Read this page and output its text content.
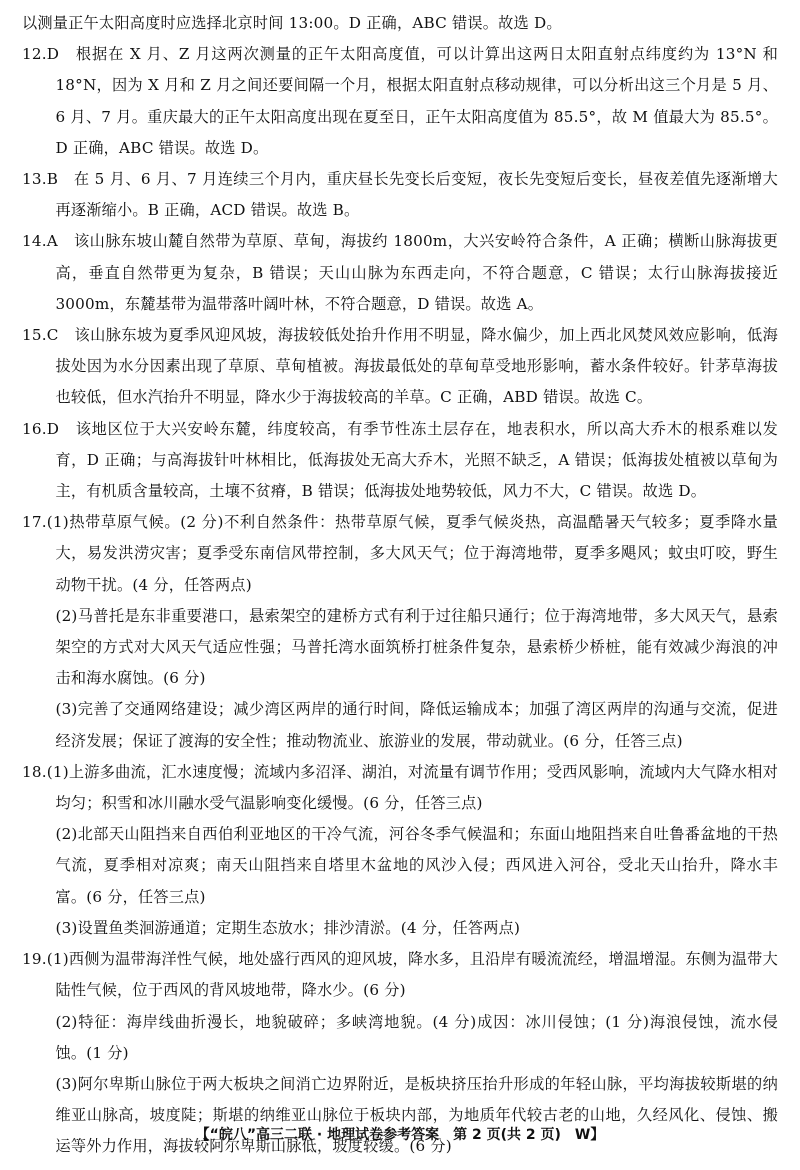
以测量正午太阳高度时应选择北京时间 13:00。D 正确，ABC 错误。故选 D。

12.D　根据在 X 月、Z 月这两次测量的正午太阳高度值，可以计算出这两日太阳直射点纬度约为 13°N 和 18°N，因为 X 月和 Z 月之间还要间隔一个月，根据太阳直射点移动规律，可以分析出这三个月是 5 月、6 月、7 月。重庆最大的正午太阳高度出现在夏至日，正午太阳高度值为 85.5°，故 M 值最大为 85.5°。D 正确，ABC 错误。故选 D。

13.B　在 5 月、6 月、7 月连续三个月内，重庆昼长先变长后变短，夜长先变短后变长，昼夜差值先逐渐增大再逐渐缩小。B 正确，ACD 错误。故选 B。

14.A　该山脉东坡山麓自然带为草原、草甸，海拔约 1800m，大兴安岭符合条件，A 正确；横断山脉海拔更高，垂直自然带更为复杂，B 错误；天山山脉为东西走向，不符合题意，C 错误；太行山脉海拔接近 3000m，东麓基带为温带落叶阔叶林，不符合题意，D 错误。故选 A。

15.C　该山脉东坡为夏季风迎风坡，海拔较低处抬升作用不明显，降水偏少，加上西北风焚风效应影响，低海拔处因为水分因素出现了草原、草甸植被。海拔最低处的草甸草受地形影响，蓄水条件较好。针茅草海拔也较低，但水汽抬升不明显，降水少于海拔较高的羊草。C 正确，ABD 错误。故选 C。

16.D　该地区位于大兴安岭东麓，纬度较高，有季节性冻土层存在，地表积水，所以高大乔木的根系难以发育，D 正确；与高海拔针叶林相比，低海拔处无高大乔木，光照不缺乏，A 错误；低海拔处植被以草甸为主，有机质含量较高，土壤不贫瘠，B 错误；低海拔处地势较低，风力不大，C 错误。故选 D。

17.(1)热带草原气候。(2 分)不利自然条件：热带草原气候，夏季气候炎热，高温酷暑天气较多；夏季降水量大，易发洪涝灾害；夏季受东南信风带控制，多大风天气；位于海湾地带，夏季多飓风；蚊虫叮咬，野生动物干扰。(4 分，任答两点)

(2)马普托是东非重要港口，悬索架空的建桥方式有利于过往船只通行；位于海湾地带，多大风天气，悬索架空的方式对大风天气适应性强；马普托湾水面筑桥打桩条件复杂，悬索桥少桥桩，能有效减少海浪的冲击和海水腐蚀。(6 分)

(3)完善了交通网络建设；减少湾区两岸的通行时间，降低运输成本；加强了湾区两岸的沟通与交流，促进经济发展；保证了渡海的安全性；推动物流业、旅游业的发展，带动就业。(6 分，任答三点)

18.(1)上游多曲流，汇水速度慢；流域内多沼泽、湖泊，对流量有调节作用；受西风影响，流域内大气降水相对均匀；积雪和冰川融水受气温影响变化缓慢。(6 分，任答三点)

(2)北部天山阻挡来自西伯利亚地区的干冷气流，河谷冬季气候温和；东面山地阻挡来自吐鲁番盆地的干热气流，夏季相对凉爽；南天山阻挡来自塔里木盆地的风沙入侵；西风进入河谷，受北天山抬升，降水丰富。(6 分，任答三点)

(3)设置鱼类洄游通道；定期生态放水；排沙清淤。(4 分，任答两点)

19.(1)西侧为温带海洋性气候，地处盛行西风的迎风坡，降水多，且沿岸有暖流流经，增温增湿。东侧为温带大陆性气候，位于西风的背风坡地带，降水少。(6 分)

(2)特征：海岸线曲折漫长，地貌破碎；多峡湾地貌。(4 分)成因：冰川侵蚀；(1 分)海浪侵蚀，流水侵蚀。(1 分)

(3)阿尔卑斯山脉位于两大板块之间消亡边界附近，是板块挤压抬升形成的年轻山脉，平均海拔较斯堪的纳维亚山脉高，坡度陡；斯堪的纳维亚山脉位于板块内部，为地质年代较古老的山地，久经风化、侵蚀、搬运等外力作用，海拔较阿尔卑斯山脉低，坡度较缓。(6 分)

【“皖八”高三二联 · 地理试卷参考答案　第 2 页(共 2 页)　W】
